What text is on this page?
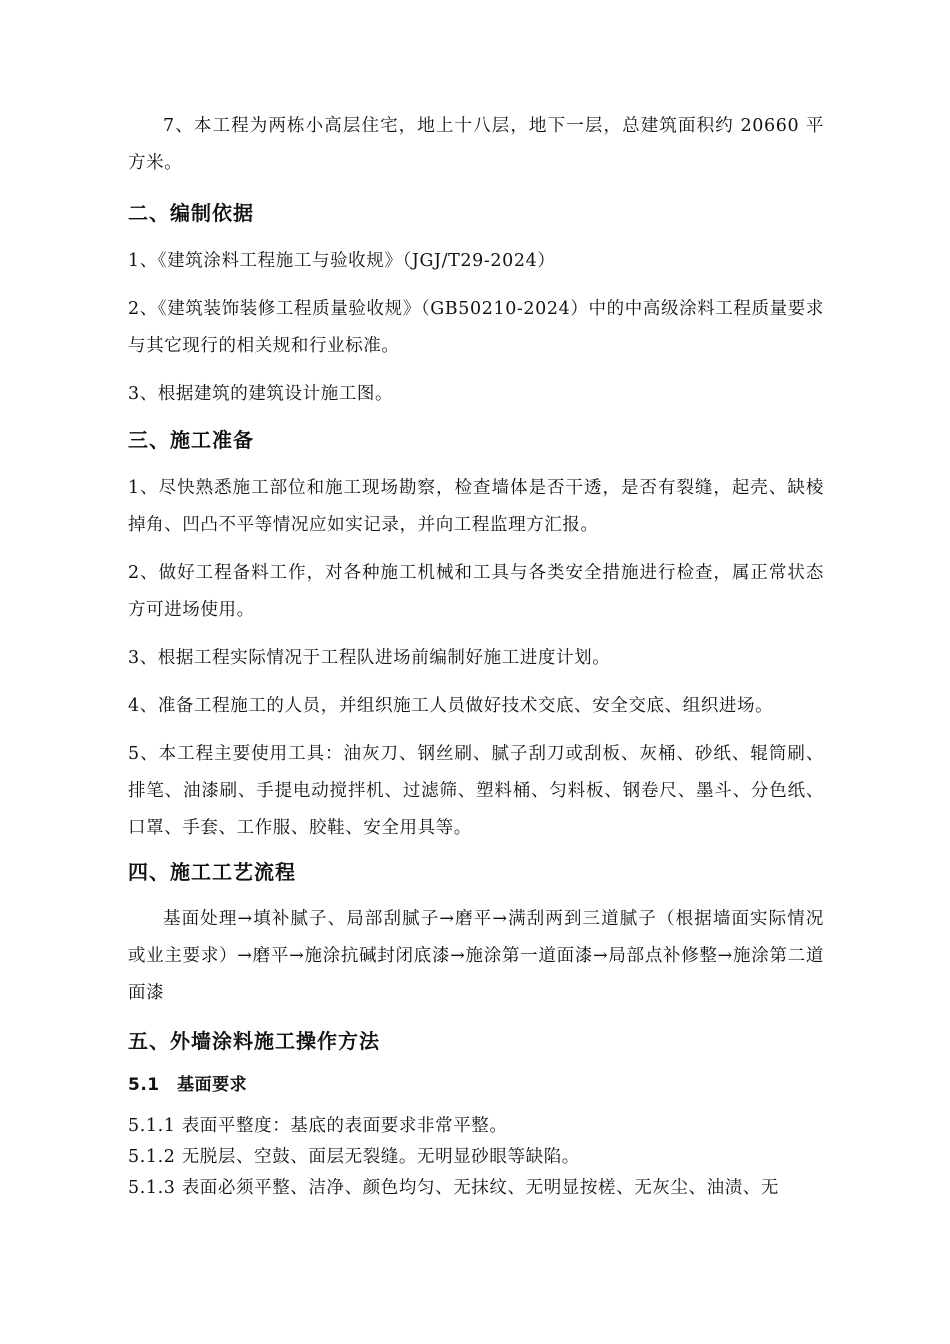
7、本工程为两栋小高层住宅，地上十八层，地下一层，总建筑面积约 20660 平方米。

二、编制依据

1、《建筑涂料工程施工与验收规》（JGJ/T29-2024）

2、《建筑装饰装修工程质量验收规》（GB50210-2024）中的中高级涂料工程质量要求与其它现行的相关规和行业标准。

3、根据建筑的建筑设计施工图。

三、施工准备

1、尽快熟悉施工部位和施工现场勘察，检查墙体是否干透，是否有裂缝，起壳、缺棱掉角、凹凸不平等情况应如实记录，并向工程监理方汇报。

2、做好工程备料工作，对各种施工机械和工具与各类安全措施进行检查，属正常状态方可进场使用。

3、根据工程实际情况于工程队进场前编制好施工进度计划。

4、准备工程施工的人员，并组织施工人员做好技术交底、安全交底、组织进场。

5、本工程主要使用工具：油灰刀、钢丝刷、腻子刮刀或刮板、灰桶、砂纸、辊筒刷、排笔、油漆刷、手提电动搅拌机、过滤筛、塑料桶、匀料板、钢卷尺、墨斗、分色纸、口罩、手套、工作服、胶鞋、安全用具等。

四、施工工艺流程

基面处理→填补腻子、局部刮腻子→磨平→满刮两到三道腻子（根据墙面实际情况或业主要求）→磨平→施涂抗碱封闭底漆→施涂第一道面漆→局部点补修整→施涂第二道面漆

五、外墙涂料施工操作方法

5.1　基面要求

5.1.1 表面平整度：基底的表面要求非常平整。

5.1.2 无脱层、空鼓、面层无裂缝。无明显砂眼等缺陷。

5.1.3 表面必须平整、洁净、颜色均匀、无抹纹、无明显按槎、无灰尘、油渍、无
